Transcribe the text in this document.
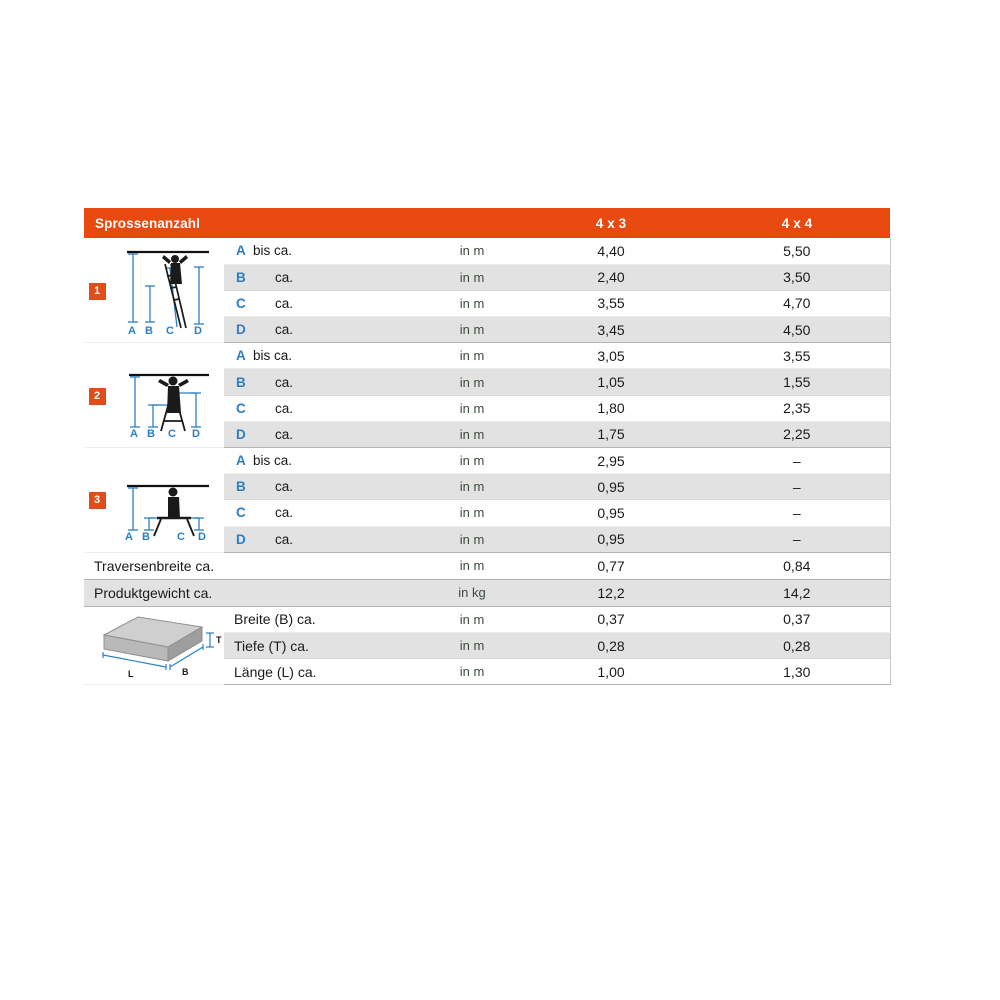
Sprossenanzahl				4 x 3	4 x 4
1	A B C D	A bis ca.	in m	4,40	5,50
		B ca.	in m	2,40	3,50
		C ca.	in m	3,55	4,70
		D ca.	in m	3,45	4,50
2	A B C D	A bis ca.	in m	3,05	3,55
		B ca.	in m	1,05	1,55
		C ca.	in m	1,80	2,35
		D ca.	in m	1,75	2,25
3	A B C D	A bis ca.	in m	2,95	–
		B ca.	in m	0,95	–
		C ca.	in m	0,95	–
		D ca.	in m	0,95	–
Traversenbreite ca.			in m	0,77	0,84
Produktgewicht ca.			in kg	12,2	14,2

L B
T		Breite (B) ca.	in m	0,37	0,37
		Tiefe (T) ca.	in m	0,28	0,28
		Länge (L) ca.	in m	1,00	1,30
